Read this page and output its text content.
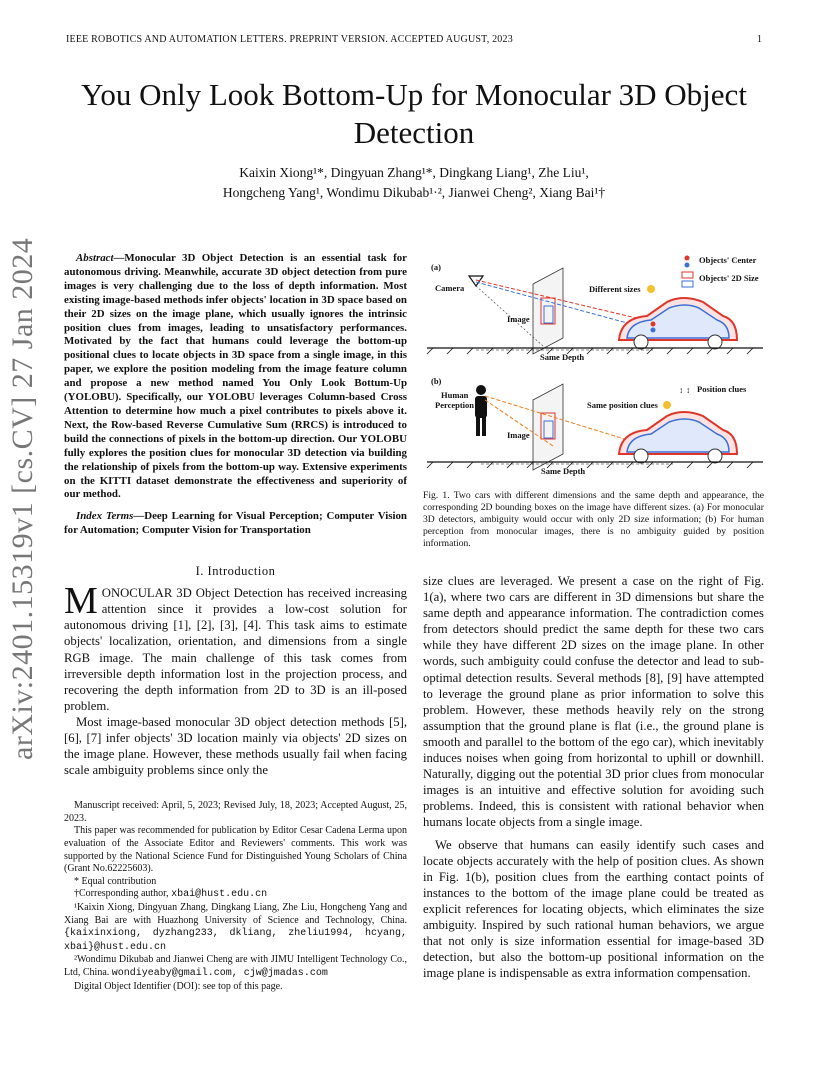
IEEE ROBOTICS AND AUTOMATION LETTERS. PREPRINT VERSION. ACCEPTED AUGUST, 2023	1
arXiv:2401.15319v1 [cs.CV] 27 Jan 2024
You Only Look Bottom-Up for Monocular 3D Object Detection
Kaixin Xiong¹*, Dingyuan Zhang¹*, Dingkang Liang¹, Zhe Liu¹,
Hongcheng Yang¹, Wondimu Dikubab¹·², Jianwei Cheng², Xiang Bai¹†

Abstract—Monocular 3D Object Detection is an essential task for autonomous driving. Meanwhile, accurate 3D object detection from pure images is very challenging due to the loss of depth information. Most existing image-based methods infer objects' location in 3D space based on their 2D sizes on the image plane, which usually ignores the intrinsic position clues from images, leading to unsatisfactory performances. Motivated by the fact that humans could leverage the bottom-up positional clues to locate objects in 3D space from a single image, in this paper, we explore the position modeling from the image feature column and propose a new method named You Only Look Bottum-Up (YOLOBU). Specifically, our YOLOBU leverages Column-based Cross Attention to determine how much a pixel contributes to pixels above it. Next, the Row-based Reverse Cumulative Sum (RRCS) is introduced to build the connections of pixels in the bottom-up direction. Our YOLOBU fully explores the position clues for monocular 3D detection via building the relationship of pixels from the bottom-up way. Extensive experiments on the KITTI dataset demonstrate the effectiveness and superiority of our method.

Index Terms—Deep Learning for Visual Perception; Computer Vision for Automation; Computer Vision for Transportation

I. Introduction

MONOCULAR 3D Object Detection has received increasing attention since it provides a low-cost solution for autonomous driving [1], [2], [3], [4]. This task aims to estimate objects' localization, orientation, and dimensions from a single RGB image. The main challenge of this task comes from irreversible depth information lost in the projection process, and recovering the depth information from 2D to 3D is an ill-posed problem.

Most image-based monocular 3D object detection methods [5], [6], [7] infer objects' 3D location mainly via objects' 2D sizes on the image plane. However, these methods usually fail when facing scale ambiguity problems since only the

Manuscript received: April, 5, 2023; Revised July, 18, 2023; Accepted August, 25, 2023.

This paper was recommended for publication by Editor Cesar Cadena Lerma upon evaluation of the Associate Editor and Reviewers' comments. This work was supported by the National Science Fund for Distinguished Young Scholars of China (Grant No.62225603).

* Equal contribution

†Corresponding author, xbai@hust.edu.cn

¹Kaixin Xiong, Dingyuan Zhang, Dingkang Liang, Zhe Liu, Hongcheng Yang and Xiang Bai are with Huazhong University of Science and Technology, China. {kaixinxiong, dyzhang233, dkliang, zheliu1994, hcyang, xbai}@hust.edu.cn

²Wondimu Dikubab and Jianwei Cheng are with JIMU Intelligent Technology Co., Ltd, China. wondiyeaby@gmail.com, cjw@jmadas.com

Digital Object Identifier (DOI): see top of this page.

(a)
Camera
Image
Different sizes
Same Depth
Objects' Center
Objects' 2D Size
(b)
Human
Perception
Image
Same position clues
Same Depth
↕ ↕ Position clues

Fig. 1. Two cars with different dimensions and the same depth and appearance, the corresponding 2D bounding boxes on the image have different sizes. (a) For monocular 3D detectors, ambiguity would occur with only 2D size information; (b) For human perception from monocular images, there is no ambiguity guided by position information.

size clues are leveraged. We present a case on the right of Fig. 1(a), where two cars are different in 3D dimensions but share the same depth and appearance information. The contradiction comes from detectors should predict the same depth for these two cars while they have different 2D sizes on the image plane. In other words, such ambiguity could confuse the detector and lead to sub-optimal detection results. Several methods [8], [9] have attempted to leverage the ground plane as prior information to solve this problem. However, these methods heavily rely on the strong assumption that the ground plane is flat (i.e., the ground plane is smooth and parallel to the bottom of the ego car), which inevitably induces noises when going from horizontal to uphill or downhill. Naturally, digging out the potential 3D prior clues from monocular images is an intuitive and effective solution for avoiding such problems. Indeed, this is consistent with rational behavior when humans locate objects from a single image.

We observe that humans can easily identify such cases and locate objects accurately with the help of position clues. As shown in Fig. 1(b), position clues from the earthing contact points of instances to the bottom of the image plane could be treated as explicit references for locating objects, which eliminates the size ambiguity. Inspired by such rational human behaviors, we argue that not only is size information essential for image-based 3D detection, but also the bottom-up positional information on the image plane is indispensable as extra information compensation.
